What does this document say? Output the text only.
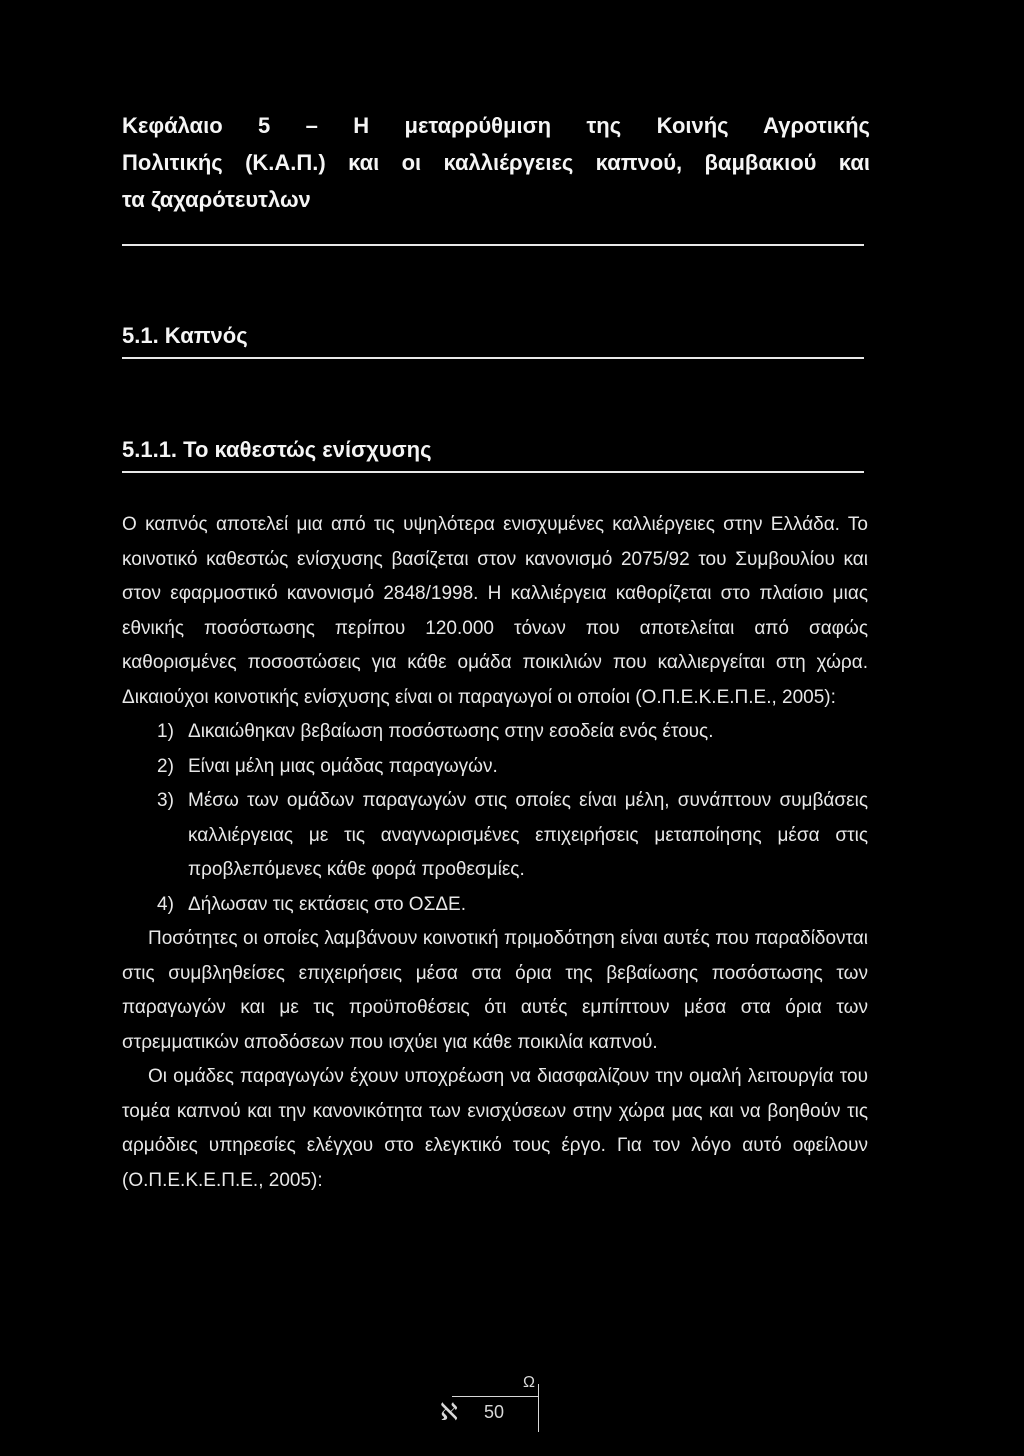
Κεφάλαιο 5 – Η μεταρρύθμιση της Κοινής Αγροτικής
Πολιτικής (Κ.Α.Π.) και οι καλλιέργειες καπνού, βαμβακιού και
τα ζαχαρότευτλων
5.1. Καπνός
5.1.1. Το καθεστώς ενίσχυσης

Ο καπνός αποτελεί μια από τις υψηλότερα ενισχυμένες καλλιέργειες στην Ελλάδα. Το κοινοτικό καθεστώς ενίσχυσης βασίζεται στον κανονισμό 2075/92 του Συμβουλίου και στον εφαρμοστικό κανονισμό 2848/1998. Η καλλιέργεια καθορίζεται στο πλαίσιο μιας εθνικής ποσόστωσης περίπου 120.000 τόνων που αποτελείται από σαφώς καθορισμένες ποσοστώσεις για κάθε ομάδα ποικιλιών που καλλιεργείται στη χώρα. Δικαιούχοι κοινοτικής ενίσχυσης είναι οι παραγωγοί οι οποίοι (Ο.Π.Ε.Κ.Ε.Π.Ε., 2005):

1) Δικαιώθηκαν βεβαίωση ποσόστωσης στην εσοδεία ενός έτους.
2) Είναι μέλη μιας ομάδας παραγωγών.
3) Μέσω των ομάδων παραγωγών στις οποίες είναι μέλη, συνάπτουν συμβάσεις καλλιέργειας με τις αναγνωρισμένες επιχειρήσεις μεταποίησης μέσα στις προβλεπόμενες κάθε φορά προθεσμίες.
4) Δήλωσαν τις εκτάσεις στο ΟΣΔΕ.

Ποσότητες οι οποίες λαμβάνουν κοινοτική πριμοδότηση είναι αυτές που παραδίδονται στις συμβληθείσες επιχειρήσεις μέσα στα όρια της βεβαίωσης ποσόστωσης των παραγωγών και με τις προϋποθέσεις ότι αυτές εμπίπτουν μέσα στα όρια των στρεμματικών αποδόσεων που ισχύει για κάθε ποικιλία καπνού.

Οι ομάδες παραγωγών έχουν υποχρέωση να διασφαλίζουν την ομαλή λειτουργία του τομέα καπνού και την κανονικότητα των ενισχύσεων στην χώρα μας και να βοηθούν τις αρμόδιες υπηρεσίες ελέγχου στο ελεγκτικό τους έργο. Για τον λόγο αυτό οφείλουν (Ο.Π.Ε.Κ.Ε.Π.Ε., 2005):

Ω
ℵ 50
